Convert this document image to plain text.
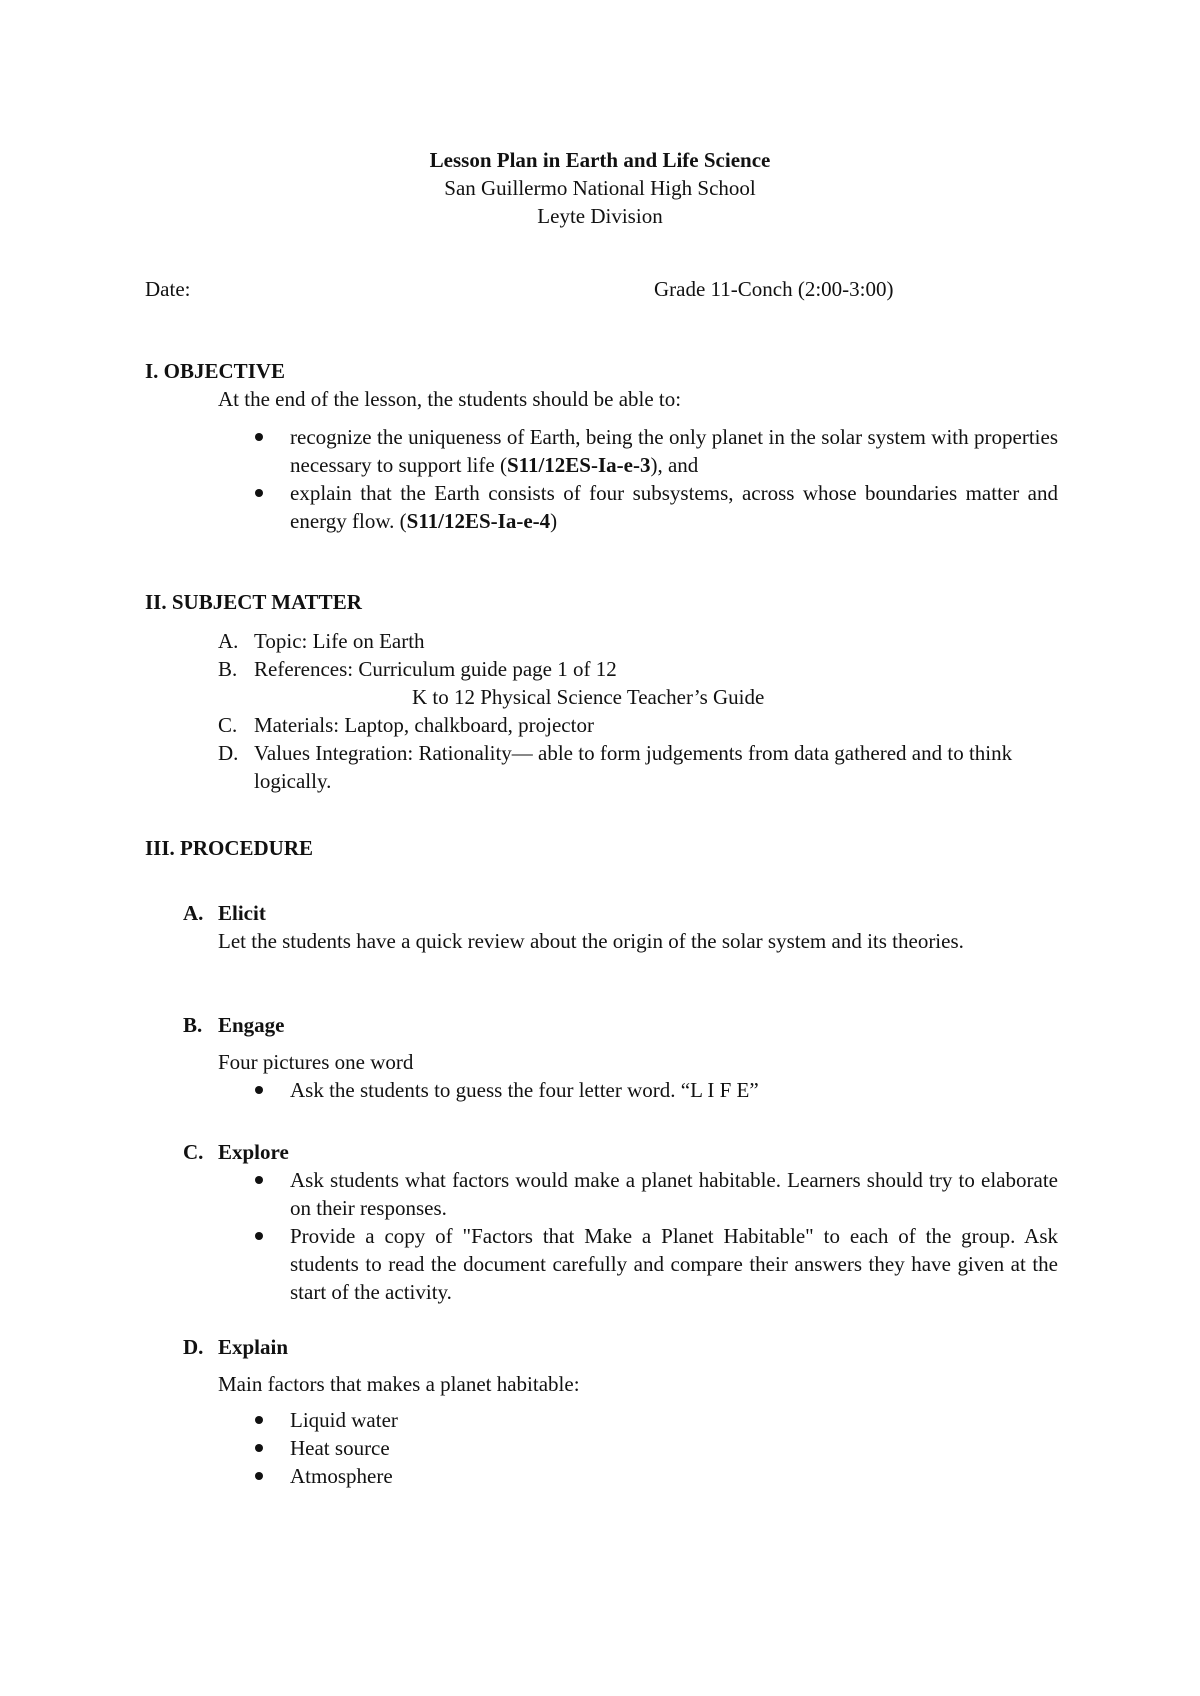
Lesson Plan in Earth and Life Science
San Guillermo National High School
Leyte Division
Date:	Grade 11-Conch (2:00-3:00)
I. OBJECTIVE
At the end of the lesson, the students should be able to:
recognize the uniqueness of Earth, being the only planet in the solar system with properties necessary to support life (S11/12ES-Ia-e-3), and
explain that the Earth consists of four subsystems, across whose boundaries matter and energy flow. (S11/12ES-Ia-e-4)
II. SUBJECT MATTER
A. Topic: Life on Earth
B. References: Curriculum guide page 1 of 12
K to 12 Physical Science Teacher’s Guide
C. Materials: Laptop, chalkboard, projector
D. Values Integration: Rationality— able to form judgements from data gathered and to think logically.
III. PROCEDURE
A. Elicit
Let the students have a quick review about the origin of the solar system and its theories.
B. Engage
Four pictures one word
Ask the students to guess the four letter word. “L I F E”
C. Explore
Ask students what factors would make a planet habitable. Learners should try to elaborate on their responses.
Provide a copy of "Factors that Make a Planet Habitable" to each of the group. Ask students to read the document carefully and compare their answers they have given at the start of the activity.
D. Explain
Main factors that makes a planet habitable:
Liquid water
Heat source
Atmosphere
